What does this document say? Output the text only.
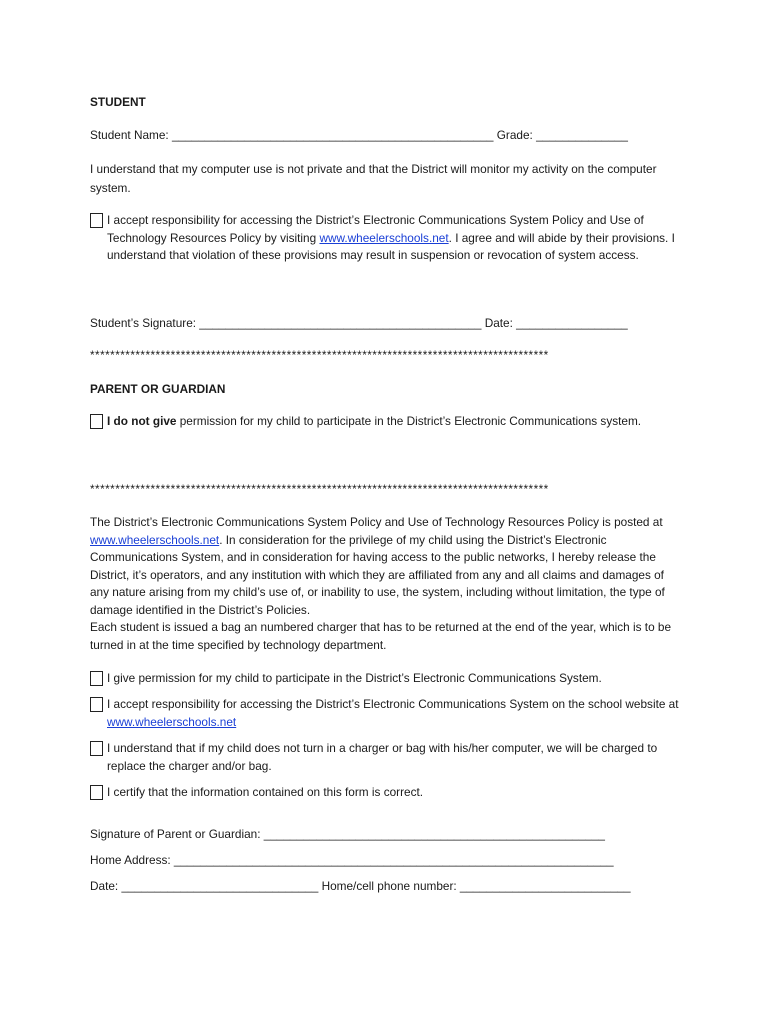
STUDENT
Student Name: _________________________________________________ Grade: ______________
I understand that my computer use is not private and that the District will monitor my activity on the computer system.
I accept responsibility for accessing the District’s Electronic Communications System Policy and Use of Technology Resources Policy by visiting www.wheelerschools.net. I agree and will abide by their provisions. I understand that violation of these provisions may result in suspension or revocation of system access.
Student’s Signature: ___________________________________________ Date: _________________
*******************************************************************************************
PARENT OR GUARDIAN
I do not give permission for my child to participate in the District’s Electronic Communications system.
*******************************************************************************************
The District’s Electronic Communications System Policy and Use of Technology Resources Policy is posted at www.wheelerschools.net. In consideration for the privilege of my child using the District’s Electronic Communications System, and in consideration for having access to the public networks, I hereby release the District, it’s operators, and any institution with which they are affiliated from any and all claims and damages of any nature arising from my child’s use of, or inability to use, the system, including without limitation, the type of damage identified in the District’s Policies.
Each student is issued a bag an numbered charger that has to be returned at the end of the year, which is to be turned in at the time specified by technology department.
I give permission for my child to participate in the District’s Electronic Communications System.
I accept responsibility for accessing the District’s Electronic Communications System on the school website at www.wheelerschools.net
I understand that if my child does not turn in a charger or bag with his/her computer, we will be charged to replace the charger and/or bag.
I certify that the information contained on this form is correct.
Signature of Parent or Guardian: ____________________________________________________
Home Address: ___________________________________________________________________
Date: ______________________________ Home/cell phone number: __________________________
